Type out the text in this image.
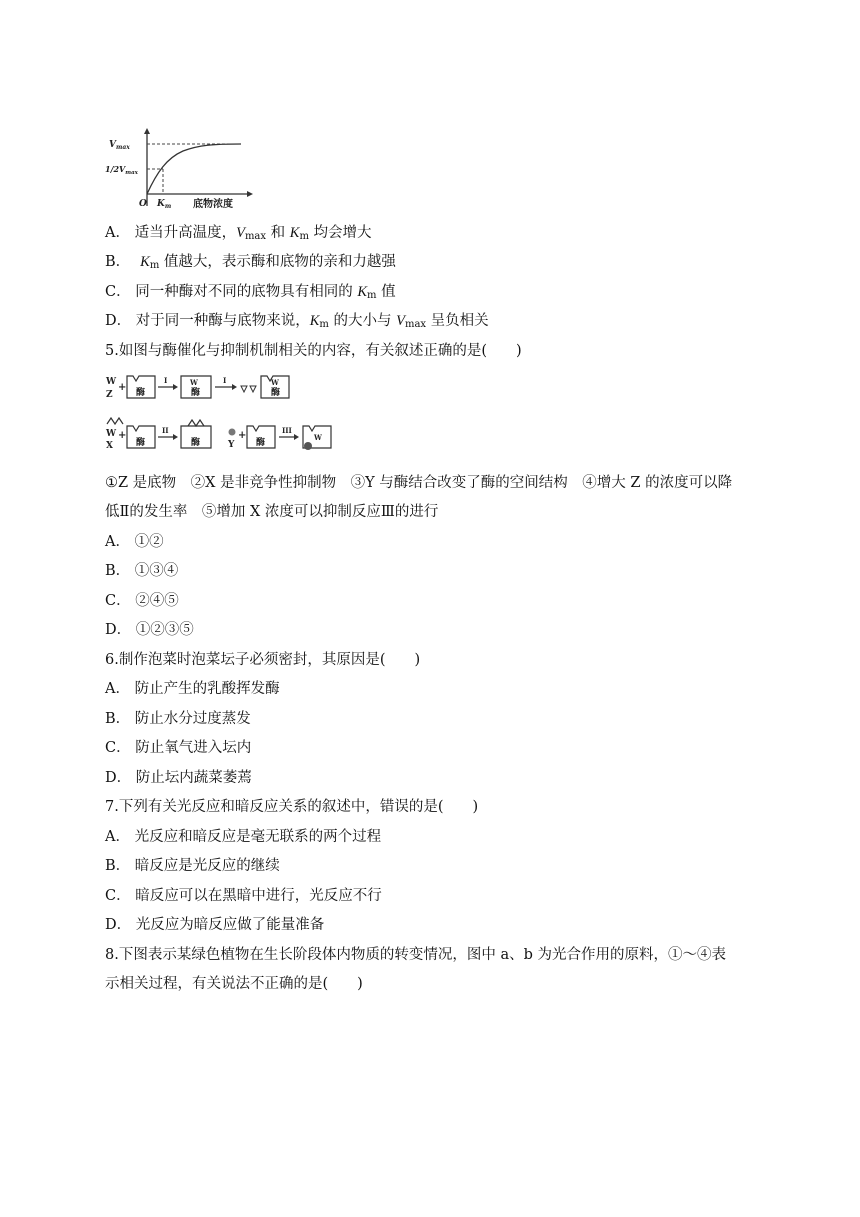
$V_{max}$
$1/2V_{max}$
O $K_m$ 底物浓度
A． 适当升高温度，$V_{max}$ 和 $K_m$ 均会增大
B． $K_m$ 值越大，表示酶和底物的亲和力越强
C． 同一种酶对不同的底物具有相同的 $K_m$ 值
D． 对于同一种酶与底物来说，$K_m$ 的大小与 $V_{max}$ 呈负相关
5.如图与酶催化与抑制机制相关的内容，有关叙述正确的是(　　)
W
Z
+ 酶
I	W
酶
I	W
酶
W
X
+
酶
II
酶	Y
+
酶
III
W
①Z 是底物　②X 是非竞争性抑制物　③Y 与酶结合改变了酶的空间结构　④增大 Z 的浓度可以降
低Ⅱ的发生率　⑤增加 X 浓度可以抑制反应Ⅲ的进行
A． ①②
B． ①③④
C． ②④⑤
D． ①②③⑤
6.制作泡菜时泡菜坛子必须密封，其原因是(　　)
A． 防止产生的乳酸挥发酶
B． 防止水分过度蒸发
C． 防止氧气进入坛内
D． 防止坛内蔬菜萎蔫
7.下列有关光反应和暗反应关系的叙述中，错误的是(　　)
A． 光反应和暗反应是毫无联系的两个过程
B． 暗反应是光反应的继续
C． 暗反应可以在黑暗中进行，光反应不行
D． 光反应为暗反应做了能量准备
8.下图表示某绿色植物在生长阶段体内物质的转变情况，图中 a、b 为光合作用的原料，①～④表
示相关过程，有关说法不正确的是(　　)
